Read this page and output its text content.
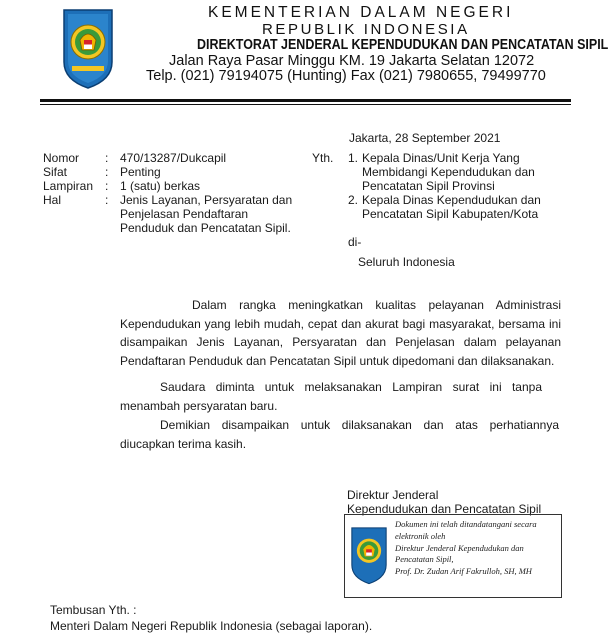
KEMENTERIAN DALAM NEGERI
REPUBLIK INDONESIA
DIREKTORAT JENDERAL KEPENDUDUKAN DAN PENCATATAN SIPIL
Jalan Raya Pasar Minggu KM. 19 Jakarta Selatan 12072
Telp. (021) 79194075 (Hunting) Fax (021) 7980655, 79499770
Jakarta, 28 September 2021
Nomor : 470/13287/Dukcapil
Sifat	: Penting
Lampiran : 1 (satu) berkas
Hal	: Jenis Layanan, Persyaratan dan
Penjelasan Pendaftaran
Penduduk dan Pencatatan Sipil.
Yth. 1. Kepala Dinas/Unit Kerja Yang
Membidangi Kependudukan dan
Pencatatan Sipil Provinsi
2. Kepala Dinas Kependudukan dan
Pencatatan Sipil Kabupaten/Kota
di-
Seluruh Indonesia
Dalam rangka meningkatkan kualitas pelayanan Administrasi Kependudukan yang lebih mudah, cepat dan akurat bagi masyarakat, bersama ini disampaikan Jenis Layanan, Persyaratan dan Penjelasan dalam pelayanan Pendaftaran Penduduk dan Pencatatan Sipil untuk dipedomani dan dilaksanakan.
Saudara diminta untuk melaksanakan Lampiran surat ini tanpa menambah persyaratan baru.
Demikian disampaikan untuk dilaksanakan dan atas perhatiannya diucapkan terima kasih.
Direktur Jenderal
Kependudukan dan Pencatatan Sipil
Dokumen ini telah ditandatangani secara
elektronik oleh
Direktur Jenderal Kependudukan dan
Pencatatan Sipil,
Prof. Dr. Zudan Arif Fakrulloh, SH, MH
Tembusan Yth. :
Menteri Dalam Negeri Republik Indonesia (sebagai laporan).
